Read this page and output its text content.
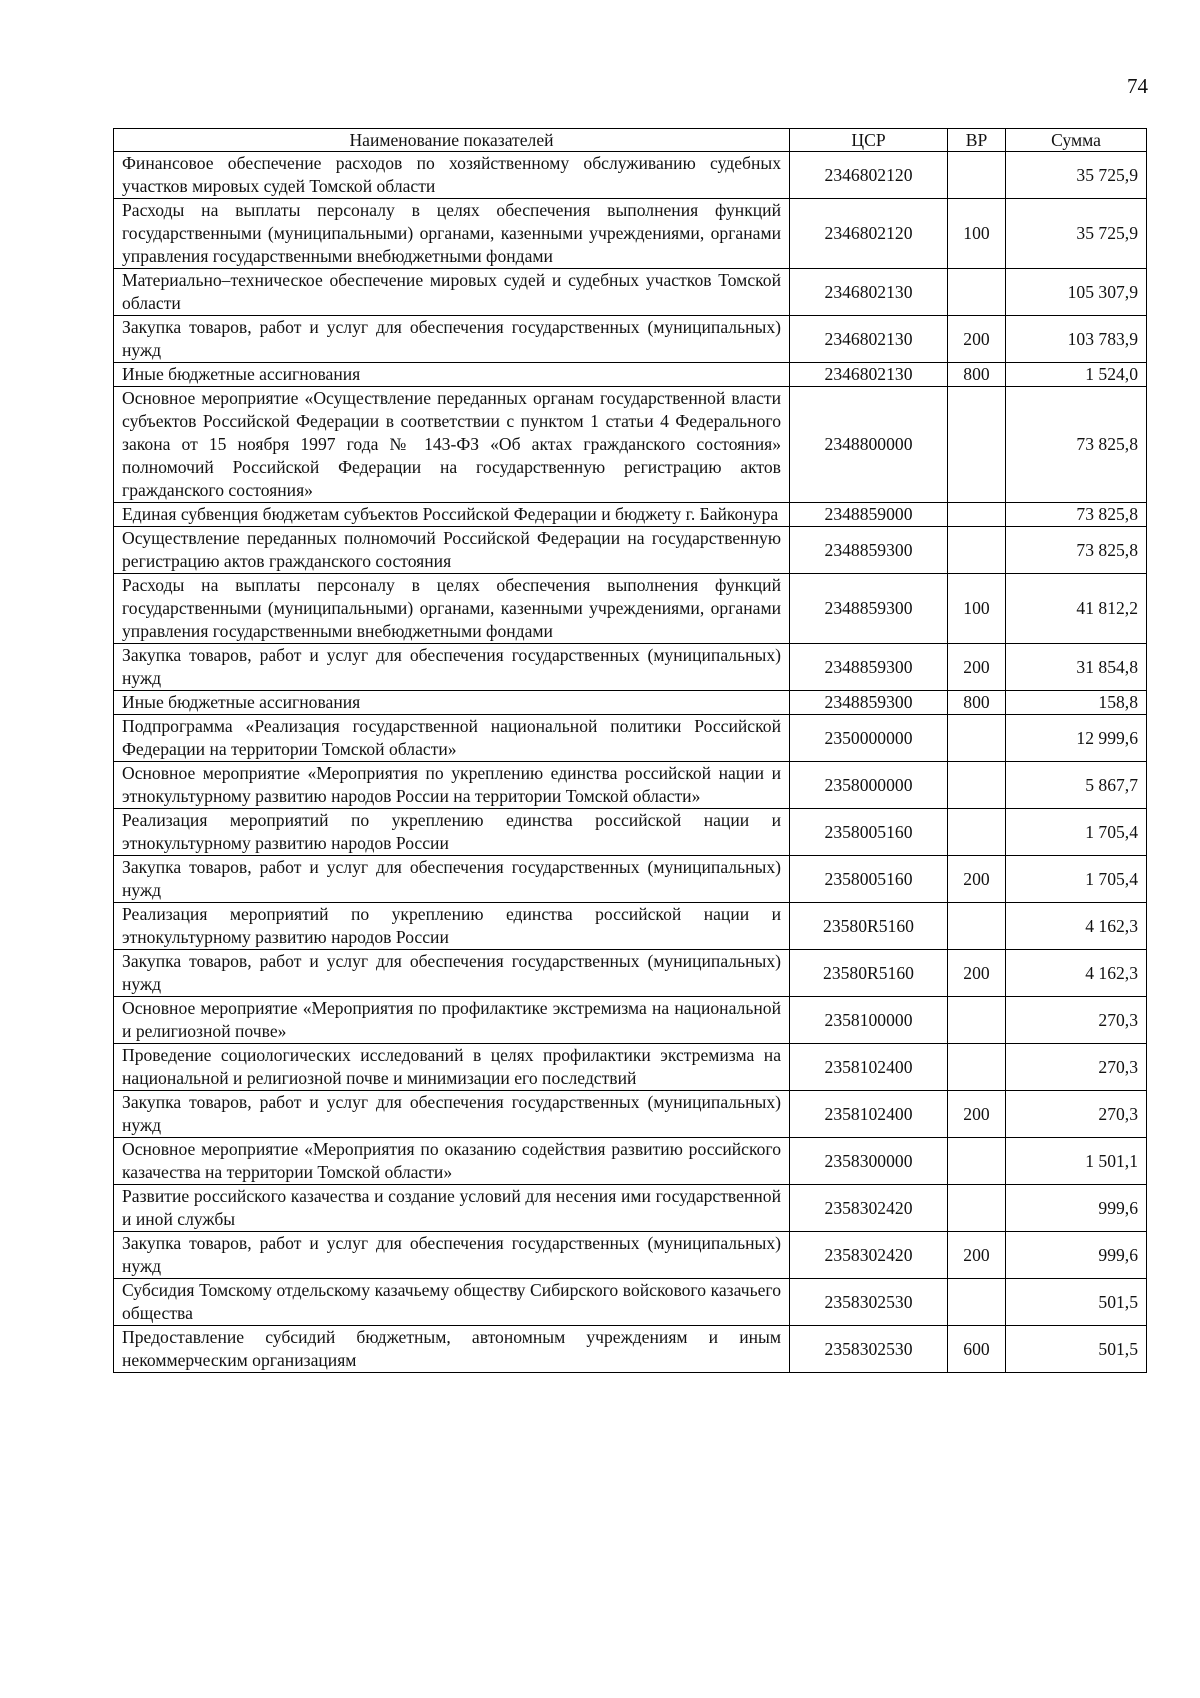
74
Наименование показателей	ЦСР	ВР	Сумма
Финансовое обеспечение расходов по хозяйственному обслуживанию судебных участков мировых судей Томской области	2346802120		35 725,9
Расходы на выплаты персоналу в целях обеспечения выполнения функций государственными (муниципальными) органами, казенными учреждениями, органами управления государственными внебюджетными фондами	2346802120	100	35 725,9
Материально–техническое обеспечение мировых судей и судебных участков Томской области	2346802130		105 307,9
Закупка товаров, работ и услуг для обеспечения государственных (муниципальных) нужд	2346802130	200	103 783,9
Иные бюджетные ассигнования	2346802130	800	1 524,0
Основное мероприятие «Осуществление переданных органам государственной власти субъектов Российской Федерации в соответствии с пунктом 1 статьи 4 Федерального закона от 15 ноября 1997 года № 143-ФЗ «Об актах гражданского состояния» полномочий Российской Федерации на государственную регистрацию актов гражданского состояния»	2348800000		73 825,8
Единая субвенция бюджетам субъектов Российской Федерации и бюджету г. Байконура	2348859000		73 825,8
Осуществление переданных полномочий Российской Федерации на государственную регистрацию актов гражданского состояния	2348859300		73 825,8
Расходы на выплаты персоналу в целях обеспечения выполнения функций государственными (муниципальными) органами, казенными учреждениями, органами управления государственными внебюджетными фондами	2348859300	100	41 812,2
Закупка товаров, работ и услуг для обеспечения государственных (муниципальных) нужд	2348859300	200	31 854,8
Иные бюджетные ассигнования	2348859300	800	158,8
Подпрограмма «Реализация государственной национальной политики Российской Федерации на территории Томской области»	2350000000		12 999,6
Основное мероприятие «Мероприятия по укреплению единства российской нации и этнокультурному развитию народов России на территории Томской области»	2358000000		5 867,7
Реализация мероприятий по укреплению единства российской нации и этнокультурному развитию народов России	2358005160		1 705,4
Закупка товаров, работ и услуг для обеспечения государственных (муниципальных) нужд	2358005160	200	1 705,4
Реализация мероприятий по укреплению единства российской нации и этнокультурному развитию народов России	23580R5160		4 162,3
Закупка товаров, работ и услуг для обеспечения государственных (муниципальных) нужд	23580R5160	200	4 162,3
Основное мероприятие «Мероприятия по профилактике экстремизма на национальной и религиозной почве»	2358100000		270,3
Проведение социологических исследований в целях профилактики экстремизма на национальной и религиозной почве и минимизации его последствий	2358102400		270,3
Закупка товаров, работ и услуг для обеспечения государственных (муниципальных) нужд	2358102400	200	270,3
Основное мероприятие «Мероприятия по оказанию содействия развитию российского казачества на территории Томской области»	2358300000		1 501,1
Развитие российского казачества и создание условий для несения ими государственной и иной службы	2358302420		999,6
Закупка товаров, работ и услуг для обеспечения государственных (муниципальных) нужд	2358302420	200	999,6
Субсидия Томскому отдельскому казачьему обществу Сибирского войскового казачьего общества	2358302530		501,5
Предоставление субсидий бюджетным, автономным учреждениям и иным некоммерческим организациям	2358302530	600	501,5
